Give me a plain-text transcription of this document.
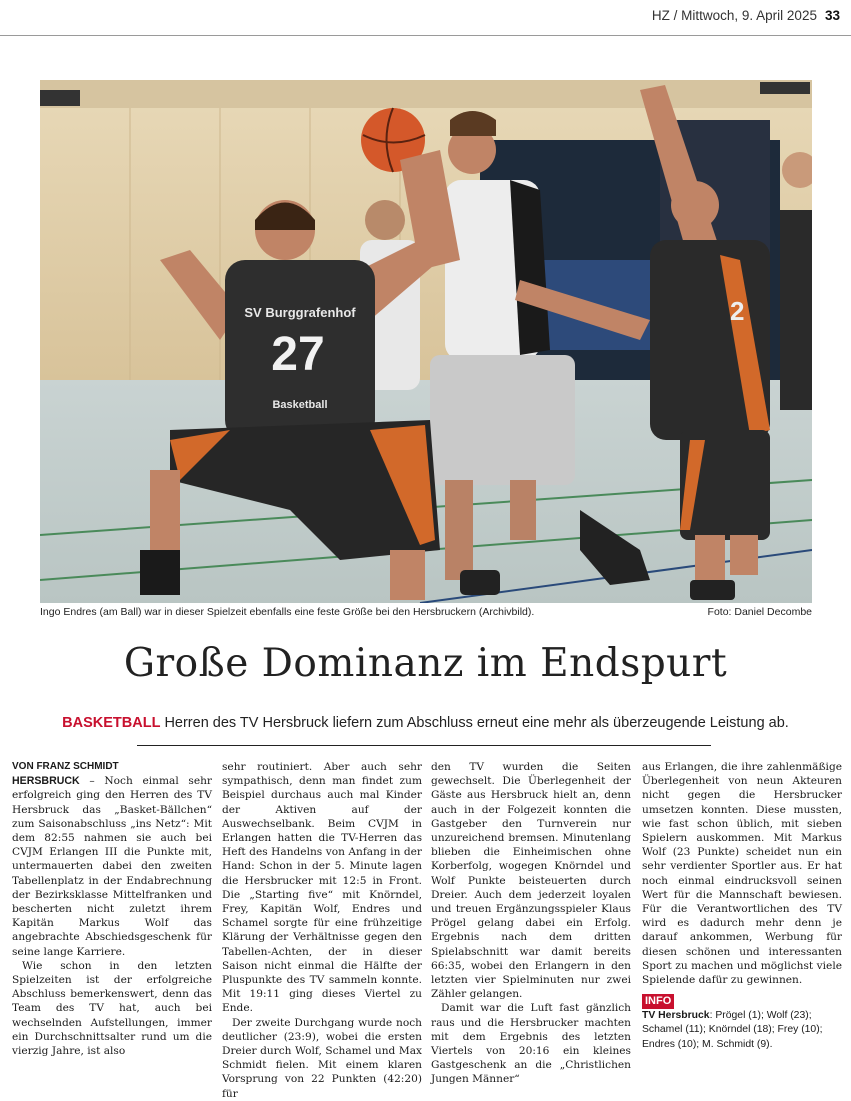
HZ / Mittwoch, 9. April 2025 33
2
SV Burggrafenhof
27
Basketball
Ingo Endres (am Ball) war in dieser Spielzeit ebenfalls eine feste Größe bei den Hersbruckern (Archivbild).	Foto: Daniel Decombe
Große Dominanz im Endspurt
BASKETBALL Herren des TV Hersbruck liefern zum Abschluss erneut eine mehr als überzeugende Leistung ab.

VON FRANZ SCHMIDT

HERSBRUCK – Noch einmal sehr erfolgreich ging den Herren des TV Hersbruck das „Basket-Bällchen“ zum Saisonabschluss „ins Netz“: Mit dem 82:55 nahmen sie auch bei CVJM Erlangen III die Punkte mit, untermauerten dabei den zweiten Tabellenplatz in der Endabrechnung der Bezirksklasse Mittelfranken und bescherten nicht zuletzt ihrem Kapitän Markus Wolf das angebrachte Abschiedsgeschenk für seine lange Karriere.

Wie schon in den letzten Spielzeiten ist der erfolgreiche Abschluss bemerkenswert, denn das Team des TV hat, auch bei wechselnden Aufstellungen, immer ein Durchschnittsalter rund um die vierzig Jahre, ist also

sehr routiniert. Aber auch sehr sympathisch, denn man findet zum Beispiel durchaus auch mal Kinder der Aktiven auf der Auswechselbank. Beim CVJM in Erlangen hatten die TV-Herren das Heft des Handelns von Anfang in der Hand: Schon in der 5. Minute lagen die Hersbrucker mit 12:5 in Front. Die „Starting five“ mit Knörndel, Frey, Kapitän Wolf, Endres und Schamel sorgte für eine frühzeitige Klärung der Verhältnisse gegen den Tabellen-Achten, der in dieser Saison nicht einmal die Hälfte der Pluspunkte des TV sammeln konnte. Mit 19:11 ging dieses Viertel zu Ende.

Der zweite Durchgang wurde noch deutlicher (23:9), wobei die ersten Dreier durch Wolf, Schamel und Max Schmidt fielen. Mit einem klaren Vorsprung von 22 Punkten (42:20) für

den TV wurden die Seiten gewechselt. Die Überlegenheit der Gäste aus Hersbruck hielt an, denn auch in der Folgezeit konnten die Gastgeber den Turnverein nur unzureichend bremsen. Minutenlang blieben die Einheimischen ohne Korberfolg, wogegen Knörndel und Wolf Punkte beisteuerten durch Dreier. Auch dem jederzeit loyalen und treuen Ergänzungsspieler Klaus Prögel gelang dabei ein Erfolg. Ergebnis nach dem dritten Spielabschnitt war damit bereits 66:35, wobei den Erlangern in den letzten vier Spielminuten nur zwei Zähler gelangen.

Damit war die Luft fast gänzlich raus und die Hersbrucker machten mit dem Ergebnis des letzten Viertels von 20:16 ein kleines Gastgeschenk an die „Christlichen Jungen Männer“

aus Erlangen, die ihre zahlenmäßige Überlegenheit von neun Akteuren nicht gegen die Hersbrucker umsetzen konnten. Diese mussten, wie fast schon üblich, mit sieben Spielern auskommen. Mit Markus Wolf (23 Punkte) scheidet nun ein sehr verdienter Sportler aus. Er hat noch einmal eindrucksvoll seinen Wert für die Mannschaft bewiesen. Für die Verantwortlichen des TV wird es dadurch mehr denn je darauf ankommen, Werbung für diesen schönen und interessanten Sport zu machen und möglichst viele Spielende dafür zu gewinnen.

INFO

TV Hersbruck: Prögel (1); Wolf (23); Schamel (11); Knörndel (18); Frey (10); Endres (10); M. Schmidt (9).
